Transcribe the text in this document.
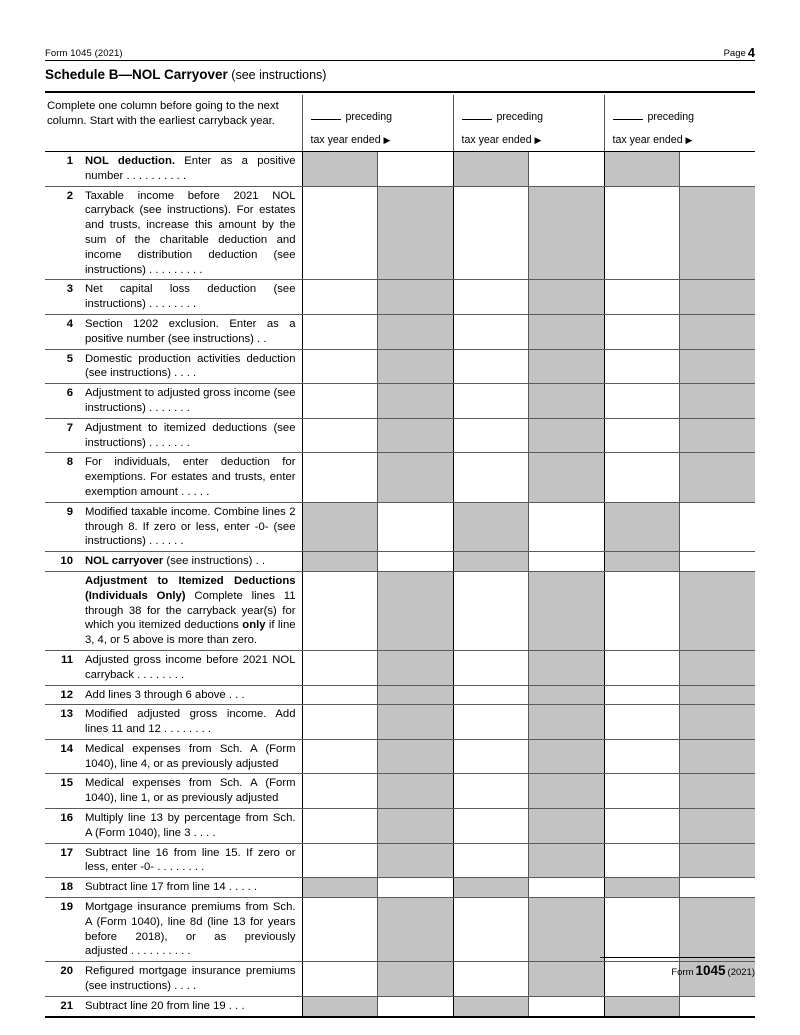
Form 1045 (2021)	Page 4
Schedule B—NOL Carryover (see instructions)
Complete one column before going to the next column. Start with the earliest carryback year.	preceding
tax year ended ▶

preceding
tax year ended ▶

preceding
tax year ended ▶

1 NOL deduction. Enter as a positive number . . . . . . . . . .						

2 Taxable income before 2021 NOL carryback (see instructions). For estates and trusts, increase this amount by the sum of the charitable deduction and income distribution deduction (see instructions) . . . . . . . . .						

3 Net capital loss deduction (see instructions) . . . . . . . .						

4 Section 1202 exclusion. Enter as a positive number (see instructions) . .						

5 Domestic production activities deduction (see instructions) . . . .						

6 Adjustment to adjusted gross income (see instructions) . . . . . . .						

7 Adjustment to itemized deductions (see instructions) . . . . . . .						

8 For individuals, enter deduction for exemptions. For estates and trusts, enter exemption amount . . . . .						

9 Modified taxable income. Combine lines 2 through 8. If zero or less, enter -0- (see instructions) . . . . . .						

10 NOL carryover (see instructions) . .						

Adjustment to Itemized Deductions (Individuals Only) Complete lines 11 through 38 for the carryback year(s) for which you itemized deductions only if line 3, 4, or 5 above is more than zero.						

11 Adjusted gross income before 2021 NOL carryback . . . . . . . .						

12 Add lines 3 through 6 above . . .						

13 Modified adjusted gross income. Add lines 11 and 12 . . . . . . . .						

14 Medical expenses from Sch. A (Form 1040), line 4, or as previously adjusted						

15 Medical expenses from Sch. A (Form 1040), line 1, or as previously adjusted						

16 Multiply line 13 by percentage from Sch. A (Form 1040), line 3 . . . .						

17 Subtract line 16 from line 15. If zero or less, enter -0- . . . . . . . .						

18 Subtract line 17 from line 14 . . . . .						

19 Mortgage insurance premiums from Sch. A (Form 1040), line 8d (line 13 for years before 2018), or as previously adjusted . . . . . . . . . .						

20 Refigured mortgage insurance premiums (see instructions) . . . .						

21 Subtract line 20 from line 19 . . .						

Form 1045 (2021)
